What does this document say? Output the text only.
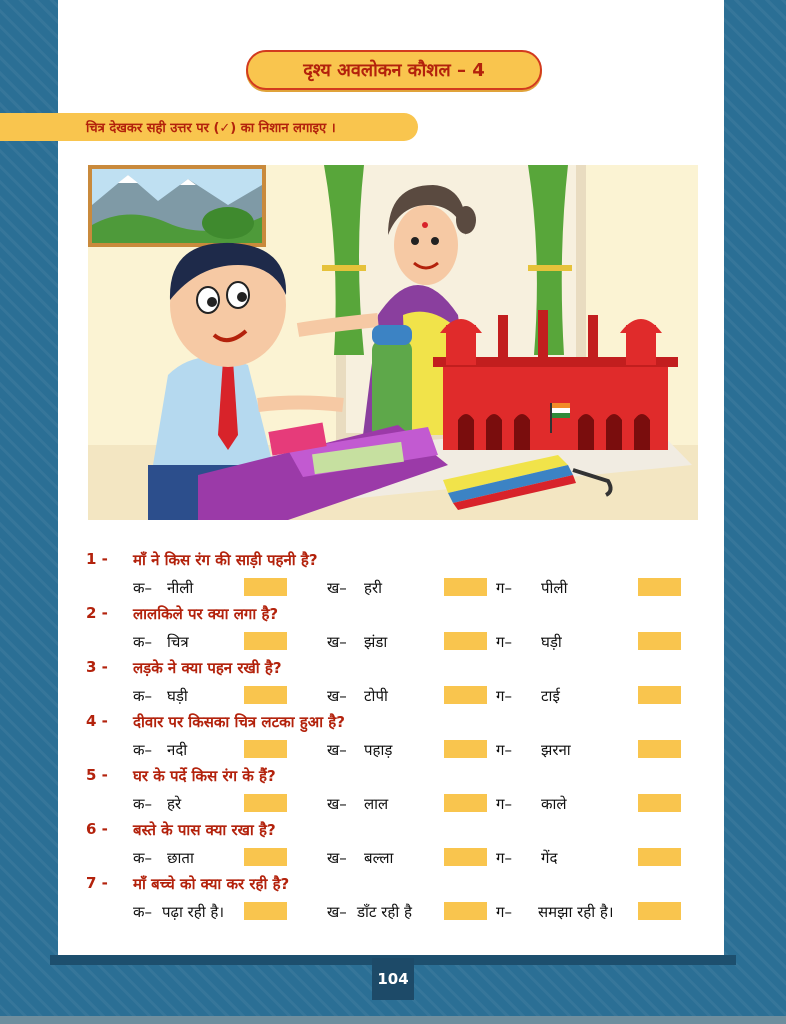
104
दृश्य अवलोकन कौशल – 4
चित्र देखकर सही उत्तर पर (✓) का निशान लगाइए ।
1 - माँ ने किस रंग की साड़ी पहनी है?
क– नीली	ख– हरी	ग– पीली
2 - लालकिले पर क्या लगा है?
क– चित्र	ख– झंडा	ग– घड़ी
3 - लड़के ने क्या पहन रखी है?
क– घड़ी	ख– टोपी	ग– टाई
4 - दीवार पर किसका चित्र लटका हुआ है?
क– नदी	ख– पहाड़	ग– झरना
5 - घर के पर्दे किस रंग के हैं?
क– हरे	ख– लाल	ग– काले
6 - बस्ते के पास क्या रखा है?
क– छाता	ख– बल्ला	ग– गेंद
7 - माँ बच्चे को क्या कर रही है?
क– पढ़ा रही है।	ख– डाँट रही है	ग– समझा रही है।
